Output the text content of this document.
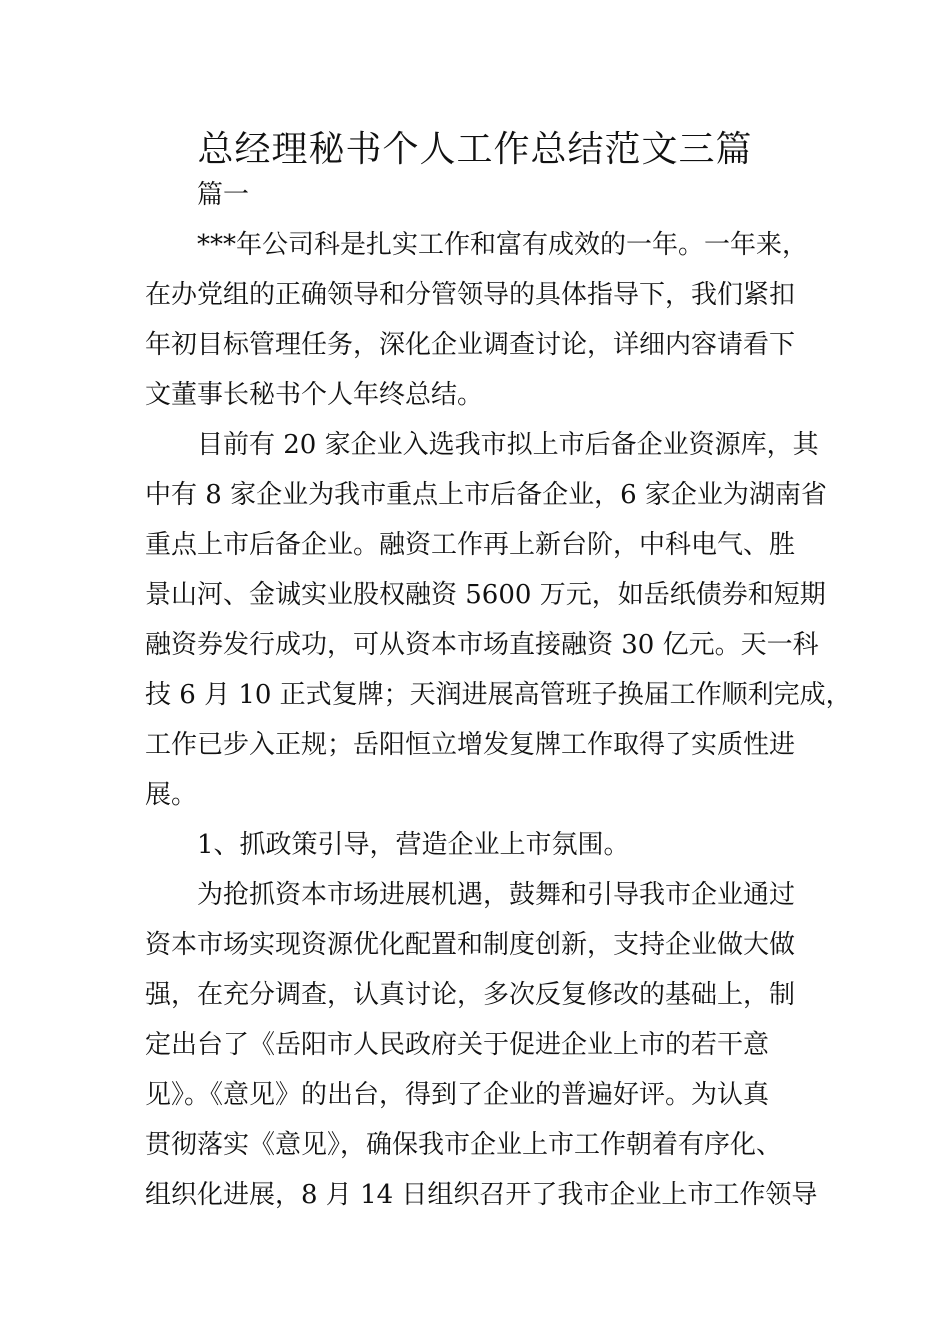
总经理秘书个人工作总结范文三篇

篇一

***年公司科是扎实工作和富有成效的一年。一年来，
在办党组的正确领导和分管领导的具体指导下，我们紧扣
年初目标管理任务，深化企业调查讨论，详细内容请看下
文董事长秘书个人年终总结。

目前有 20 家企业入选我市拟上市后备企业资源库，其
中有 8 家企业为我市重点上市后备企业，6 家企业为湖南省
重点上市后备企业。融资工作再上新台阶，中科电气、胜
景山河、金诚实业股权融资 5600 万元，如岳纸债券和短期
融资券发行成功，可从资本市场直接融资 30 亿元。天一科
技 6 月 10 正式复牌；天润进展高管班子换届工作顺利完成，
工作已步入正规；岳阳恒立增发复牌工作取得了实质性进
展。

1、抓政策引导，营造企业上市氛围。

为抢抓资本市场进展机遇，鼓舞和引导我市企业通过
资本市场实现资源优化配置和制度创新，支持企业做大做
强，在充分调查，认真讨论，多次反复修改的基础上，制
定出台了《岳阳市人民政府关于促进企业上市的若干意
见》。《意见》的出台，得到了企业的普遍好评。为认真
贯彻落实《意见》，确保我市企业上市工作朝着有序化、
组织化进展，8 月 14 日组织召开了我市企业上市工作领导
